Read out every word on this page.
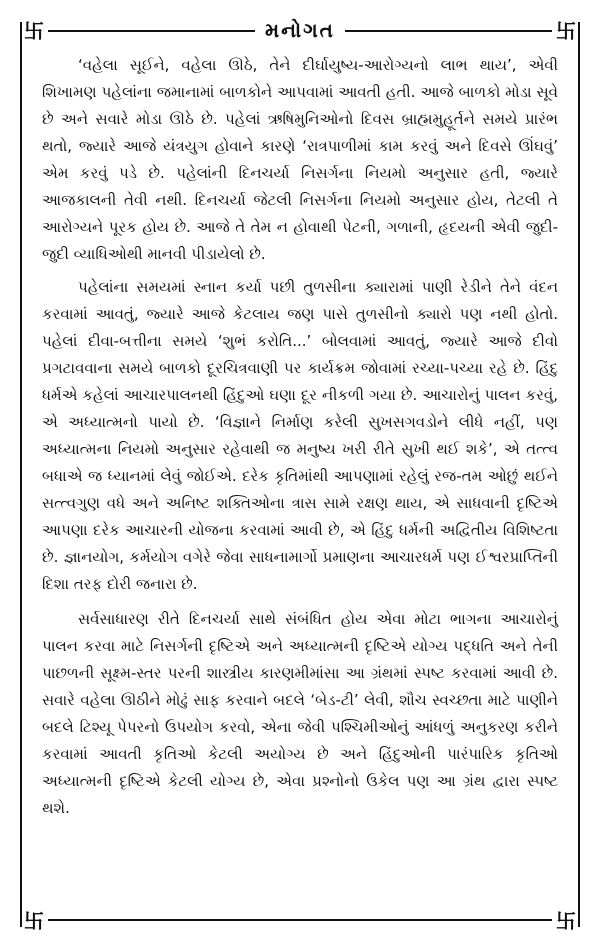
卐	卐
卐	卐
મનોગત

‘વહેલા સૂઈને, વહેલા ઊઠે, તેને દીર્ઘાયુષ્ય-આરોગ્યનો લાભ થાય’, એવી શિખામણ પહેલાંના જમાનામાં બાળકોને આપવામાં આવતી હતી. આજે બાળકો મોડા સૂવે છે અને સવારે મોડા ઊઠે છે. પહેલાં ઋષિમુનિઓનો દિવસ બ્રાહ્મમુહૂર્તને સમયે પ્રારંભ થતો, જ્યારે આજે યંત્રયુગ હોવાને કારણે ‘રાત્રપાળીમાં કામ કરવું અને દિવસે ઊંઘવું’ એમ કરવું પડે છે. પહેલાંની દિનચર્યા નિસર્ગના નિયમો અનુસાર હતી, જ્યારે આજકાલની તેવી નથી. દિનચર્યા જેટલી નિસર્ગના નિયમો અનુસાર હોય, તેટલી તે આરોગ્યને પૂરક હોય છે. આજે તે તેમ ન હોવાથી પેટની, ગળાની, હૃદયની એવી જુદી-જુદી વ્યાધિઓથી માનવી પીડાયેલો છે.

પહેલાંના સમયમાં સ્નાન કર્યા પછી તુળસીના ક્યારામાં પાણી રેડીને તેને વંદન કરવામાં આવતું, જ્યારે આજે કેટલાય જણ પાસે તુળસીનો ક્યારો પણ નથી હોતો. પહેલાં દીવા-બત્તીના સમયે ‘શુભં કરોતિ...’ બોલવામાં આવતું, જ્યારે આજે દીવો પ્રગટાવવાના સમયે બાળકો દૂરચિત્રવાણી પર કાર્યક્રમ જોવામાં રચ્યા-પચ્યા રહે છે. હિંદુ ધર્મએ કહેલાં આચારપાલનથી હિંદુઓ ઘણા દૂર નીકળી ગયા છે. આચારોનું પાલન કરવું, એ અધ્યાત્મનો પાયો છે. ‘વિજ્ઞાને નિર્માણ કરેલી સુખસગવડોને લીધે નહીં, પણ અધ્યાત્મના નિયમો અનુસાર રહેવાથી જ મનુષ્ય ખરી રીતે સુખી થઈ શકે’, એ તત્ત્વ બધાએ જ ધ્યાનમાં લેવું જોઈએ. દરેક કૃતિમાંથી આપણામાં રહેલું રજ-તમ ઓછું થઈને સત્ત્વગુણ વધે અને અનિષ્ટ શક્તિઓના ત્રાસ સામે રક્ષણ થાય, એ સાધવાની દૃષ્ટિએ આપણા દરેક આચારની યોજના કરવામાં આવી છે, એ હિંદુ ધર્મની અદ્વિતીય વિશિષ્ટતા છે. જ્ઞાનયોગ, કર્મયોગ વગેરે જેવા સાધનામાર્ગો પ્રમાણના આચારધર્મ પણ ઈશ્વરપ્રાપ્તિની દિશા તરફ દોરી જનારા છે.

સર્વસાધારણ રીતે દિનચર્યા સાથે સંબંધિત હોય એવા મોટા ભાગના આચારોનું પાલન કરવા માટે નિસર્ગની દૃષ્ટિએ અને અધ્યાત્મની દૃષ્ટિએ યોગ્ય પદ્ધતિ અને તેની પાછળની સૂક્ષ્મ-સ્તર પરની શાસ્ત્રીય કારણમીમાંસા આ ગ્રંથમાં સ્પષ્ટ કરવામાં આવી છે. સવારે વહેલા ઊઠીને મોઢું સાફ કરવાને બદલે ‘બેડ-ટી’ લેવી, શૌચ સ્વચ્છતા માટે પાણીને બદલે ટિશ્યૂ પેપરનો ઉપયોગ કરવો, એના જેવી પશ્ચિમીઓનું આંધળું અનુકરણ કરીને કરવામાં આવતી કૃતિઓ કેટલી અયોગ્ય છે અને હિંદુઓની પારંપારિક કૃતિઓ અધ્યાત્મની દૃષ્ટિએ કેટલી યોગ્ય છે, એવા પ્રશ્નોનો ઉકેલ પણ આ ગ્રંથ દ્વારા સ્પષ્ટ થશે.
